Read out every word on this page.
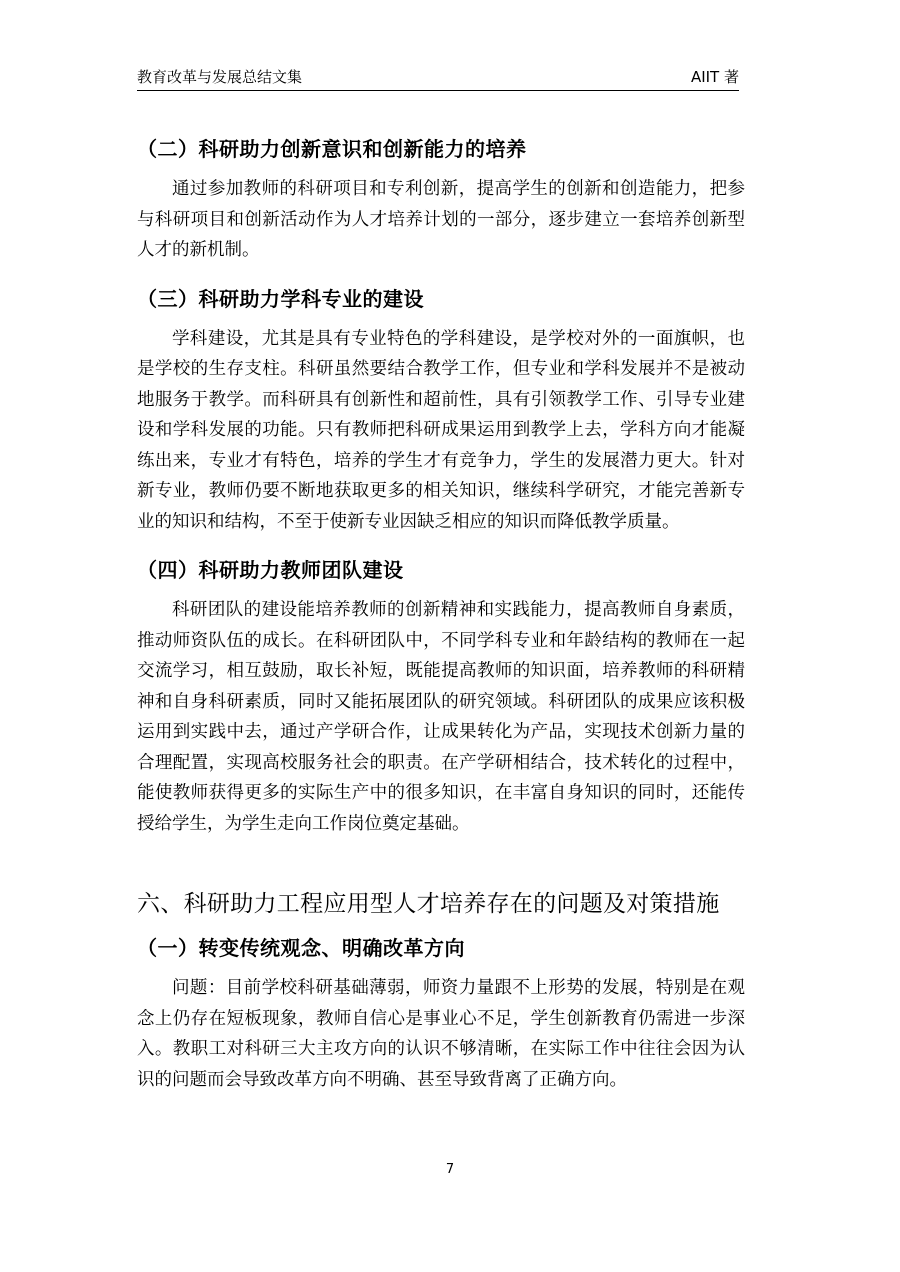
教育改革与发展总结文集	AIIT 著
（二）科研助力创新意识和创新能力的培养

通过参加教师的科研项目和专利创新，提高学生的创新和创造能力，把参与科研项目和创新活动作为人才培养计划的一部分，逐步建立一套培养创新型人才的新机制。

（三）科研助力学科专业的建设

学科建设，尤其是具有专业特色的学科建设，是学校对外的一面旗帜，也是学校的生存支柱。科研虽然要结合教学工作，但专业和学科发展并不是被动地服务于教学。而科研具有创新性和超前性，具有引领教学工作、引导专业建设和学科发展的功能。只有教师把科研成果运用到教学上去，学科方向才能凝练出来，专业才有特色，培养的学生才有竞争力，学生的发展潜力更大。针对新专业，教师仍要不断地获取更多的相关知识，继续科学研究，才能完善新专业的知识和结构，不至于使新专业因缺乏相应的知识而降低教学质量。

（四）科研助力教师团队建设

科研团队的建设能培养教师的创新精神和实践能力，提高教师自身素质，推动师资队伍的成长。在科研团队中，不同学科专业和年龄结构的教师在一起交流学习，相互鼓励，取长补短，既能提高教师的知识面，培养教师的科研精神和自身科研素质，同时又能拓展团队的研究领域。科研团队的成果应该积极运用到实践中去，通过产学研合作，让成果转化为产品，实现技术创新力量的合理配置，实现高校服务社会的职责。在产学研相结合，技术转化的过程中，能使教师获得更多的实际生产中的很多知识，在丰富自身知识的同时，还能传授给学生，为学生走向工作岗位奠定基础。

六、科研助力工程应用型人才培养存在的问题及对策措施
（一）转变传统观念、明确改革方向

问题：目前学校科研基础薄弱，师资力量跟不上形势的发展，特别是在观念上仍存在短板现象，教师自信心是事业心不足，学生创新教育仍需进一步深入。教职工对科研三大主攻方向的认识不够清晰，在实际工作中往往会因为认识的问题而会导致改革方向不明确、甚至导致背离了正确方向。

7
